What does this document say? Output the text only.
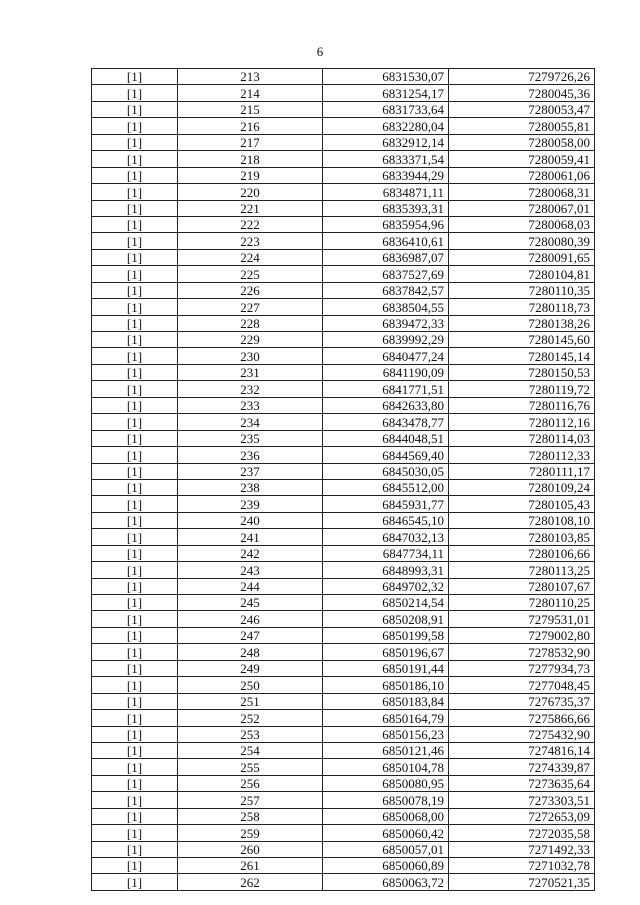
6
[1]	213	6831530,07	7279726,26
[1]	214	6831254,17	7280045,36
[1]	215	6831733,64	7280053,47
[1]	216	6832280,04	7280055,81
[1]	217	6832912,14	7280058,00
[1]	218	6833371,54	7280059,41
[1]	219	6833944,29	7280061,06
[1]	220	6834871,11	7280068,31
[1]	221	6835393,31	7280067,01
[1]	222	6835954,96	7280068,03
[1]	223	6836410,61	7280080,39
[1]	224	6836987,07	7280091,65
[1]	225	6837527,69	7280104,81
[1]	226	6837842,57	7280110,35
[1]	227	6838504,55	7280118,73
[1]	228	6839472,33	7280138,26
[1]	229	6839992,29	7280145,60
[1]	230	6840477,24	7280145,14
[1]	231	6841190,09	7280150,53
[1]	232	6841771,51	7280119,72
[1]	233	6842633,80	7280116,76
[1]	234	6843478,77	7280112,16
[1]	235	6844048,51	7280114,03
[1]	236	6844569,40	7280112,33
[1]	237	6845030,05	7280111,17
[1]	238	6845512,00	7280109,24
[1]	239	6845931,77	7280105,43
[1]	240	6846545,10	7280108,10
[1]	241	6847032,13	7280103,85
[1]	242	6847734,11	7280106,66
[1]	243	6848993,31	7280113,25
[1]	244	6849702,32	7280107,67
[1]	245	6850214,54	7280110,25
[1]	246	6850208,91	7279531,01
[1]	247	6850199,58	7279002,80
[1]	248	6850196,67	7278532,90
[1]	249	6850191,44	7277934,73
[1]	250	6850186,10	7277048,45
[1]	251	6850183,84	7276735,37
[1]	252	6850164,79	7275866,66
[1]	253	6850156,23	7275432,90
[1]	254	6850121,46	7274816,14
[1]	255	6850104,78	7274339,87
[1]	256	6850080,95	7273635,64
[1]	257	6850078,19	7273303,51
[1]	258	6850068,00	7272653,09
[1]	259	6850060,42	7272035,58
[1]	260	6850057,01	7271492,33
[1]	261	6850060,89	7271032,78
[1]	262	6850063,72	7270521,35
